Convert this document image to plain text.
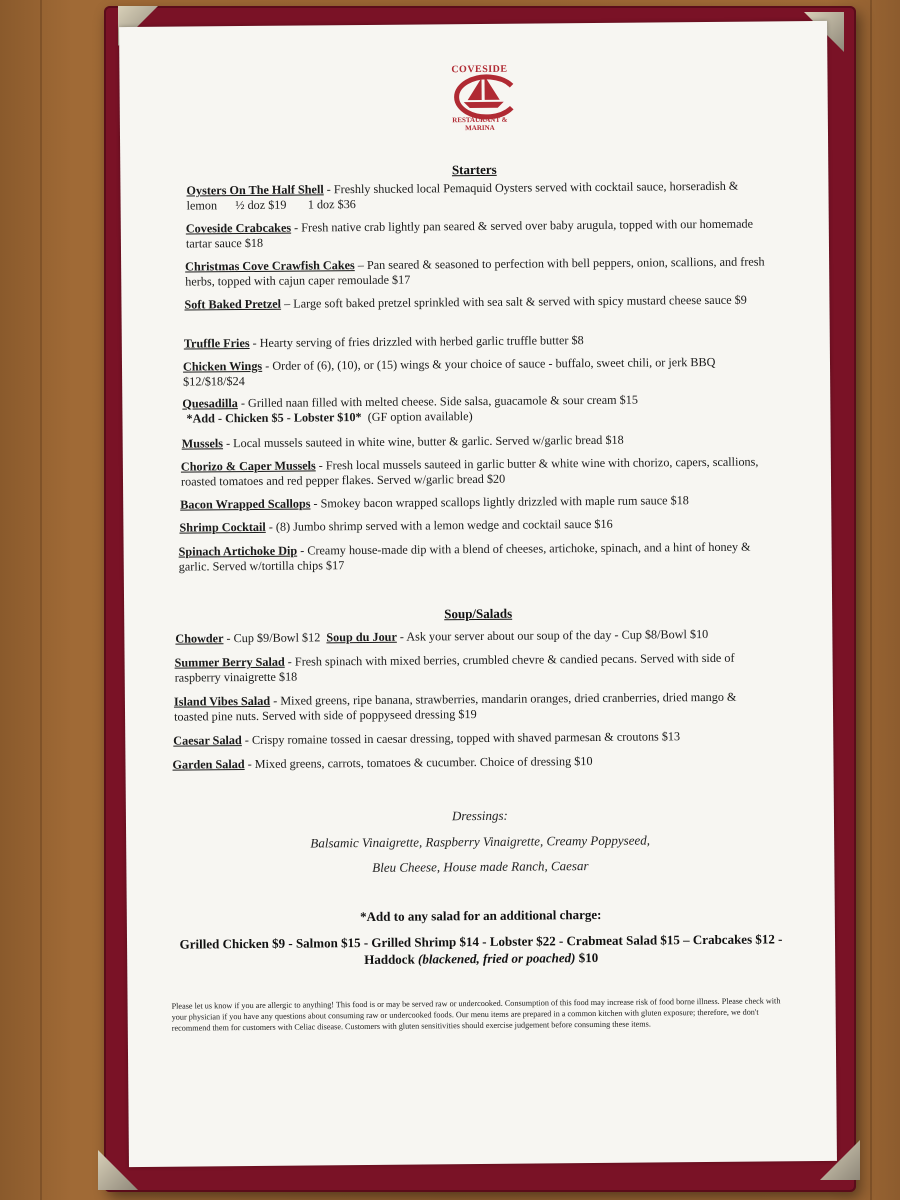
COVESIDE
RESTAURANT & MARINA
Starters
Oysters On The Half Shell - Freshly shucked local Pemaquid Oysters served with cocktail sauce, horseradish & lemon      ½ doz $19       1 doz $36
Coveside Crabcakes - Fresh native crab lightly pan seared & served over baby arugula, topped with our homemade tartar sauce $18
Christmas Cove Crawfish Cakes – Pan seared & seasoned to perfection with bell peppers, onion, scallions, and fresh herbs, topped with cajun caper remoulade $17
Soft Baked Pretzel – Large soft baked pretzel sprinkled with sea salt & served with spicy mustard cheese sauce $9
Truffle Fries - Hearty serving of fries drizzled with herbed garlic truffle butter $8
Chicken Wings - Order of (6), (10), or (15) wings & your choice of sauce - buffalo, sweet chili, or jerk BBQ $12/$18/$24
Quesadilla - Grilled naan filled with melted cheese. Side salsa, guacamole & sour cream $15
*Add - Chicken $5 - Lobster $10*  (GF option available)
Mussels - Local mussels sauteed in white wine, butter & garlic. Served w/garlic bread $18
Chorizo & Caper Mussels - Fresh local mussels sauteed in garlic butter & white wine with chorizo, capers, scallions, roasted tomatoes and red pepper flakes. Served w/garlic bread $20
Bacon Wrapped Scallops - Smokey bacon wrapped scallops lightly drizzled with maple rum sauce $18
Shrimp Cocktail - (8) Jumbo shrimp served with a lemon wedge and cocktail sauce $16
Spinach Artichoke Dip - Creamy house-made dip with a blend of cheeses, artichoke, spinach, and a hint of honey & garlic. Served w/tortilla chips $17
Soup/Salads
Chowder - Cup $9/Bowl $12  Soup du Jour - Ask your server about our soup of the day - Cup $8/Bowl $10
Summer Berry Salad - Fresh spinach with mixed berries, crumbled chevre & candied pecans. Served with side of raspberry vinaigrette $18
Island Vibes Salad - Mixed greens, ripe banana, strawberries, mandarin oranges, dried cranberries, dried mango & toasted pine nuts. Served with side of poppyseed dressing $19
Caesar Salad - Crispy romaine tossed in caesar dressing, topped with shaved parmesan & croutons $13
Garden Salad - Mixed greens, carrots, tomatoes & cucumber. Choice of dressing $10
Dressings:
Balsamic Vinaigrette, Raspberry Vinaigrette, Creamy Poppyseed,
Bleu Cheese, House made Ranch, Caesar
*Add to any salad for an additional charge:
Grilled Chicken $9 - Salmon $15 - Grilled Shrimp $14 - Lobster $22 - Crabmeat Salad $15 – Crabcakes $12 - Haddock (blackened, fried or poached) $10
Please let us know if you are allergic to anything! This food is or may be served raw or undercooked. Consumption of this food may increase risk of food borne illness. Please check with your physician if you have any questions about consuming raw or undercooked foods. Our menu items are prepared in a common kitchen with gluten exposure; therefore, we don't recommend them for customers with Celiac disease. Customers with gluten sensitivities should exercise judgement before consuming these items.
